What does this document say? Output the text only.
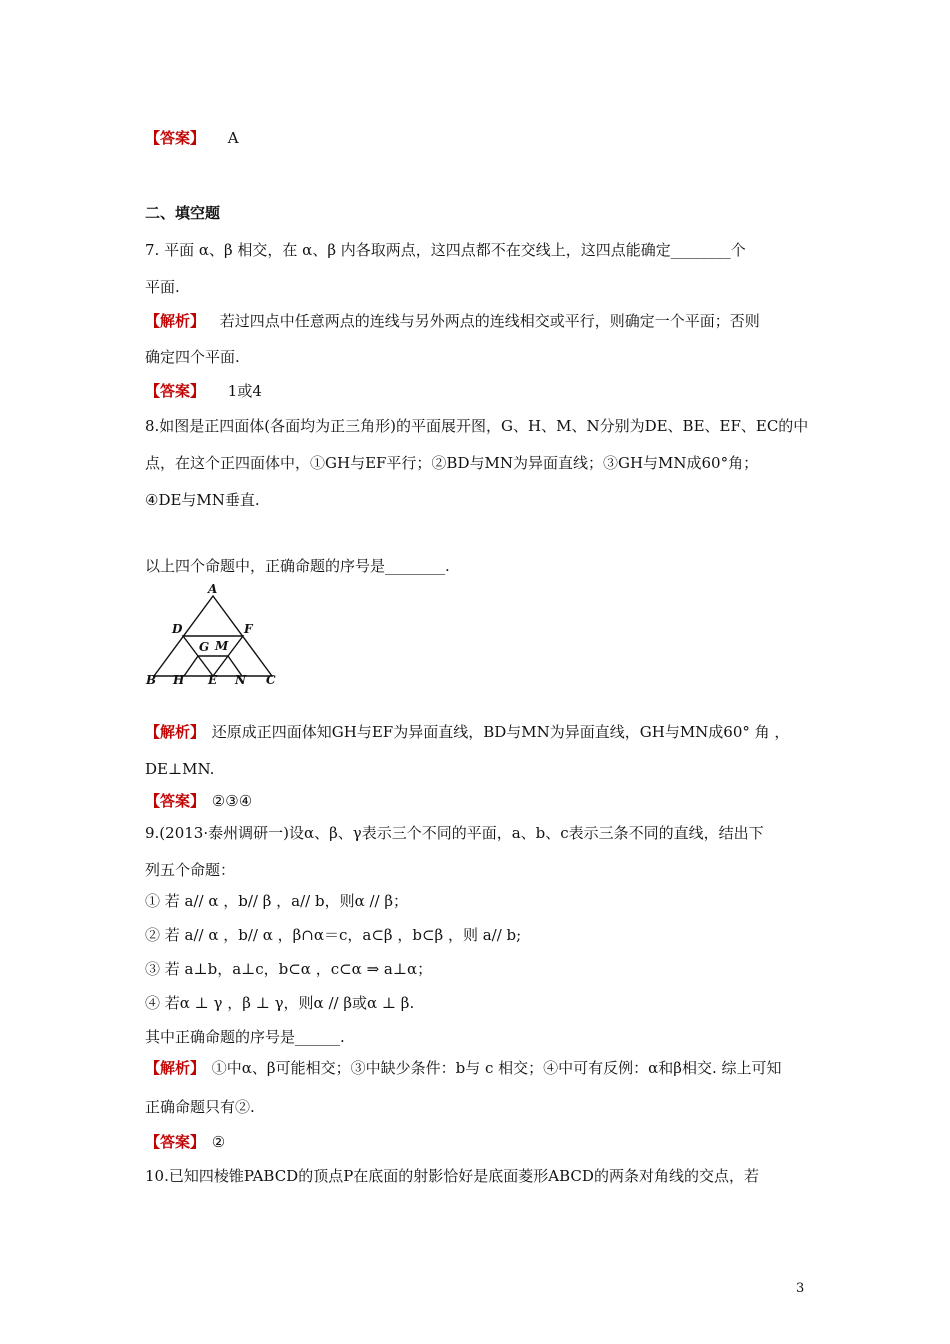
【答案】 A
二、填空题
7. 平面 α、β 相交，在 α、β 内各取两点，这四点都不在交线上，这四点能确定________个
平面.
【解析】 若过四点中任意两点的连线与另外两点的连线相交或平行，则确定一个平面；否则
确定四个平面.
【答案】 1或4
8.如图是正四面体(各面均为正三角形)的平面展开图，G、H、M、N分别为DE、BE、EF、EC的中
点，在这个正四面体中，①GH与EF平行；②BD与MN为异面直线；③GH与MN成60°角；
④DE与MN垂直.
以上四个命题中，正确命题的序号是________.
A
D	F
G M
B H E N C
【解析】 还原成正四面体知GH与EF为异面直线，BD与MN为异面直线，GH与MN成60° 角 ，
DE⊥MN.
【答案】 ②③④
9.(2013·泰州调研一)设α、β、γ表示三个不同的平面，a、b、c表示三条不同的直线，结出下
列五个命题：
① 若 a// α ，b// β ，a// b，则α // β；
② 若 a// α ，b// α ，β∩α＝c，a⊂β ，b⊂β ，则 a// b;
③ 若 a⊥b，a⊥c，b⊂α ，c⊂α ⇒ a⊥α；
④ 若α ⊥ γ ，β ⊥ γ，则α // β或α ⊥ β.
其中正确命题的序号是______.
【解析】 ①中α、β可能相交；③中缺少条件：b与 c 相交；④中可有反例：α和β相交. 综上可知
正确命题只有②.
【答案】 ②
10.已知四棱锥PABCD的顶点P在底面的射影恰好是底面菱形ABCD的两条对角线的交点，若
3
